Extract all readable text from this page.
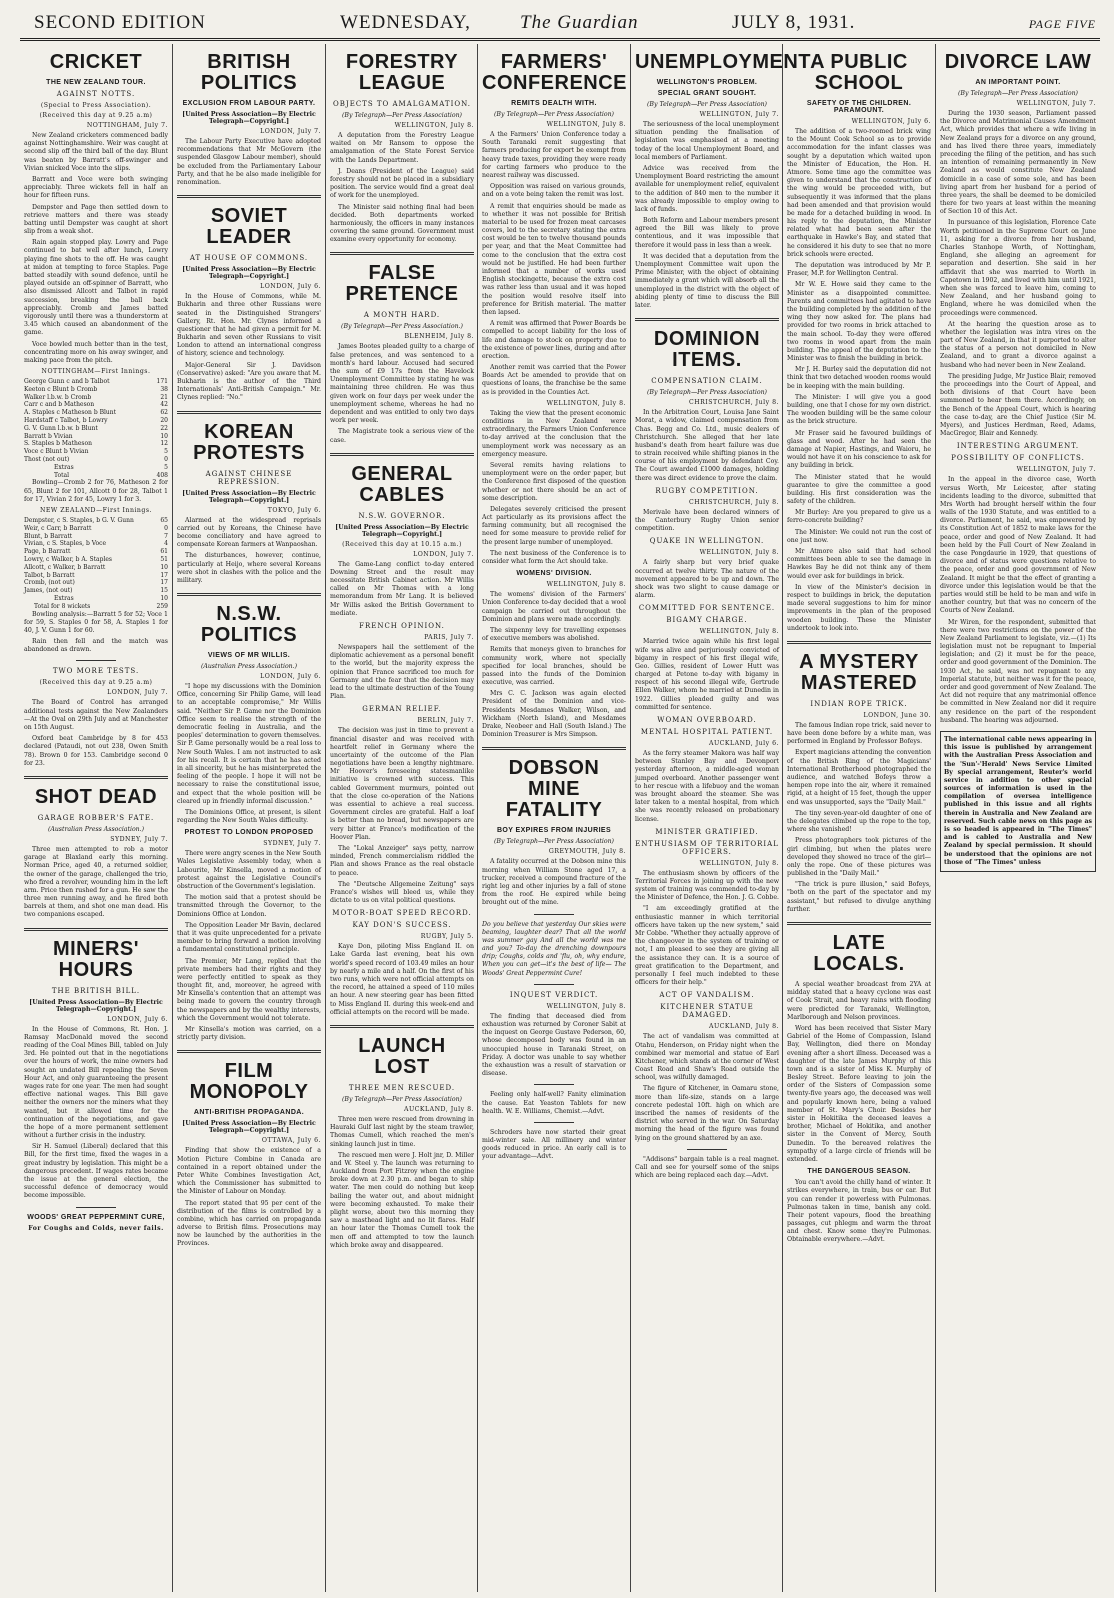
SECOND EDITION	WEDNESDAY,	The Guardian	JULY 8, 1931.	PAGE FIVE
CRICKET
THE NEW ZEALAND TOUR.
AGAINST NOTTS.
(Special to Press Association).
(Received this day at 9.25 a.m)
NOTTINGHAM, July 7.

New Zealand cricketers commenced badly against Nottinghamshire. Weir was caught at second slip off the third ball of the day. Blunt was beaten by Barratt's off-swinger and Vivian snicked Voce into the slips.

Barratt and Voce were both swinging appreciably. Three wickets fell in half an hour for fifteen runs.

Dempster and Page then settled down to retrieve matters and there was steady batting until Dempster was caught at short slip from a weak shot.

Rain again stopped play. Lowry and Page continued to bat well after lunch, Lowry playing fine shots to the off. He was caught at midon at tempting to force Staples. Page batted steadily with sound defence, until he played outside an off-spinner of Barratt, who also dismissed Allcott and Talbot in rapid succession, breaking the ball back appreciably. Cromb and James batted vigorously until there was a thunderstorm at 3.45 which caused an abandonment of the game.

Voce bowled much better than in the test, concentrating more on his away swinger, and making pace from the pitch.

NOTTINGHAM—First Innings.
George Gunn c and b Talbot	171
Keeton c Blunt b Cromb	38
Walker l.b.w. b Cromb	21
Carr c and b Matheson	42
A. Staples c Matheson b Blunt	62
Hardstaff c Talbot, b Lowry	20
G. V. Gunn l.b.w. b Blunt	22
Barratt b Vivian	10
S. Staples b Matheson	12
Voce c Blunt b Vivian	5
Thost (not out)	0
Extras	5
Total	408

Bowling—Cromb 2 for 76, Matheson 2 for 65, Blunt 2 for 101, Allcott 0 for 28, Talbot 1 for 17, Vivian 2 for 45, Lowry 1 for 3.

NEW ZEALAND—First Innings.
Dempster, c S. Staples, b G. V. Gunn	65
Weir, c Carr, b Barratt	0
Blunt, b Barratt	7
Vivian, c S. Staples, b Voce	4
Page, b Barratt	61
Lowry, c Walker, b A. Staples	51
Allcott, c Walker, b Barratt	10
Talbot, b Barratt	17
Cromb, (not out)	17
James, (not out)	15
Extras	10
Total for 8 wickets	259

Bowling analysis:—Barratt 5 for 52; Voce 1 for 59, S. Staples 0 for 58, A. Staples 1 for 40, J. V. Gunn 1 for 60.

Rain then fell and the match was abandoned as drawn.

TWO MORE TESTS.
(Received this day at 9.25 a.m)
LONDON, July 7.

The Board of Control has arranged additional tests against the New Zealanders—At the Oval on 29th July and at Manchester on 15th August.

Oxford beat Cambridge by 8 for 453 declared (Pataudi, not out 238, Owen Smith 78). Brown 0 for 153. Cambridge second 0 for 23.

SHOT DEAD
GARAGE ROBBER'S FATE.
(Australian Press Association.)
SYDNEY, July 7.

Three men attempted to rob a motor garage at Blaxland early this morning. Norman Price, aged 40, a returned soldier, the owner of the garage, challenged the trio, who fired a revolver, wounding him in the left arm. Price then rushed for a gun. He saw the three men running away, and he fired both barrels at them, and shot one man dead. His two companions escaped.

MINERS' HOURS
THE BRITISH BILL.
[United Press Association—By Electric Telegraph—Copyright.]
LONDON, July 6.

In the House of Commons, Rt. Hon. J. Ramsay MacDonald moved the second reading of the Coal Mines Bill, tabled on July 3rd. He pointed out that in the negotiations over the hours of work, the mine owners had sought an undated Bill repealing the Seven Hour Act, and only guaranteeing the present wages rate for one year. The men had sought effective national wages. This Bill gave neither the owners nor the miners what they wanted, but it allowed time for the continuation of the negotiations, and gave the hope of a more permanent settlement without a further crisis in the industry.

Sir H. Samuel (Liberal) declared that this Bill, for the first time, fixed the wages in a great industry by legislation. This might be a dangerous precedent. If wages rates became the issue at the general election, the successful defence of democracy would become impossible.

WOODS' GREAT PEPPERMINT CURE,
For Coughs and Colds, never fails.
BRITISH POLITICS
EXCLUSION FROM LABOUR PARTY.
[United Press Association—By Electric Telegraph—Copyright.]
LONDON, July 7.

The Labour Party Executive have adopted recommendations that Mr McGovern (the suspended Glasgow Labour member), should be excluded from the Parliamentary Labour Party, and that he be also made ineligible for renomination.

SOVIET LEADER
AT HOUSE OF COMMONS.
[United Press Association—By Electric Telegraph—Copyright.]
LONDON, July 6.

In the House of Commons, while M. Bukharin and three other Russians were seated in the Distinguished Strangers' Gallery, Rt. Hon. Mr. Clynes informed a questioner that he had given a permit for M. Bukharin and seven other Russians to visit London to attend an international congress of history, science and technology.

Major-General Sir J. Davidson (Conservative) asked: "Are you aware that M. Bukharin is the author of the Third Internationals' Anti-British Campaign." Mr. Clynes replied: "No."

KOREAN PROTESTS
AGAINST CHINESE REPRESSION.
[United Press Association—By Electric Telegraph—Copyright.]
TOKYO, July 6.

Alarmed at the widespread reprisals carried out by Koreans, the Chinese have become conciliatory and have agreed to compensate Korean farmers at Wanpaoshan.

The disturbances, however, continue, particularly at Heijo, where several Koreans were shot in clashes with the police and the military.

N.S.W. POLITICS
VIEWS OF MR WILLIS.
(Australian Press Association.)
LONDON, July 6.

"I hope my discussions with the Dominion Office, concerning Sir Philip Game, will lead to an acceptable compromise," Mr Willis said. "Neither Sir P. Game nor the Dominion Office seem to realise the strength of the democratic feeling in Australia, and the peoples' determination to govern themselves. Sir P. Game personally would be a real loss to New South Wales. I am not instructed to ask for his recall. It is certain that he has acted in all sincerity, but he has misinterpreted the feeling of the people. I hope it will not be necessary to raise the constitutional issue, and expect that the whole position will be cleared up in friendly informal discussion."

The Dominions Office, at present, is silent regarding the New South Wales difficulty.

PROTEST TO LONDON PROPOSED
SYDNEY, July 7.

There were angry scenes in the New South Wales Legislative Assembly today, when a Labourite, Mr Kinsella, moved a motion of protest against the Legislative Council's obstruction of the Government's legislation.

The motion said that a protest should be transmitted through the Governor, to the Dominions Office at London.

The Opposition Leader Mr Bavin, declared that it was quite unprecedented for a private member to bring forward a motion involving a fundamental constitutional principle.

The Premier, Mr Lang, replied that the private members had their rights and they were perfectly entitled to speak as they thought fit, and, moreover, he agreed with Mr Kinsella's contention that an attempt was being made to govern the country through the newspapers and by the wealthy interests, which the Government would not tolerate.

Mr Kinsella's motion was carried, on a strictly party division.

FILM MONOPOLY
ANTI-BRITISH PROPAGANDA.
[United Press Association—By Electric Telegraph—Copyright.]
OTTAWA, July 6.

Finding that show the existence of a Motion Picture Combine in Canada are contained in a report obtained under the Peter White Combines Investigation Act, which the Commissioner has submitted to the Minister of Labour on Monday.

The report stated that 95 per cent of the distribution of the films is controlled by a combine, which has carried on propaganda adverse to British films. Prosecutions may now be launched by the authorities in the Provinces.

FORESTRY LEAGUE
OBJECTS TO AMALGAMATION.
(By Telegraph—Per Press Association)
WELLINGTON, July 8.

A deputation from the Forestry League waited on Mr Ransom to oppose the amalgamation of the State Forest Service with the Lands Department.

J. Deans (President of the League) said forestry should not be placed in a subsidiary position. The service would find a great deal of work for the unemployed.

The Minister said nothing final had been decided. Both departments worked harmoniously, the officers in many instances covering the same ground. Government must examine every opportunity for economy.

FALSE PRETENCE
A MONTH HARD.
(By Telegraph—Per Press Association.)
BLENHEIM, July 8.

James Bootes pleaded guilty to a charge of false pretences, and was sentenced to a month's hard labour. Accused had secured the sum of £9 17s from the Havelock Unemployment Committee by stating he was maintaining three children. He was thus given work on four days per week under the unemployment scheme, whereas he had no dependent and was entitled to only two days work per week.

The Magistrate took a serious view of the case.

GENERAL CABLES
N.S.W. GOVERNOR.
[United Press Association—By Electric Telegraph—Copyright.]
(Received this day at 10.15 a.m.)
LONDON, July 7.

The Game-Lang conflict to-day entered Downing Street and the result may necessitate British Cabinet action. Mr Willis called on Mr Thomas with a long memorandum from Mr Lang. It is believed Mr Willis asked the British Government to mediate.

FRENCH OPINION.
PARIS, July 7.

Newspapers hail the settlement of the diplomatic achievement as a personal benefit to the world, but the majority express the opinion that France sacrificed too much for Germany and the fear that the decision may lead to the ultimate destruction of the Young Plan.

GERMAN RELIEF.
BERLIN, July 7.

The decision was just in time to prevent a financial disaster and was received with heartfelt relief in Germany where the uncertainty of the outcome of the Plan negotiations have been a lengthy nightmare. Mr Hoover's foreseeing statesmanlike initiative is crowned with success. This cabled Government murmurs, pointed out that the close co-operation of the Nations was essential to achieve a real success. Government circles are grateful. Half a loaf is better than no bread, but newspapers are very bitter at France's modification of the Hoover Plan.

The "Lokal Anzeiger" says petty, narrow minded, French commercialism riddled the Plan and shows France as the real obstacle to peace.

The "Deutsche Allgemeine Zeitung" says France's wishes will bleed us, while they dictate to us on vital political questions.

MOTOR-BOAT SPEED RECORD.
KAY DON'S SUCCESS.
RUGBY, July 5.

Kaye Don, piloting Miss England II. on Lake Garda last evening, beat his own world's speed record of 103.49 miles an hour by nearly a mile and a half. On the first of his two runs, which were not official attempts on the record, he attained a speed of 110 miles an hour. A new steering gear has been fitted to Miss England II. during this week-end and official attempts on the record will be made.

LAUNCH LOST
THREE MEN RESCUED.
(By Telegraph—Per Press Association)
AUCKLAND, July 8.

Three men were rescued from drowning in Hauraki Gulf last night by the steam trawler, Thomas Cumell, which reached the men's sinking launch just in time.

The rescued men were J. Holt jnr, D. Miller and W. Steel y. The launch was returning to Auckland from Port Fitzroy when the engine broke down at 2.30 p.m. and began to ship water. The men could do nothing but keep bailing the water out, and about midnight were becoming exhausted. To make their plight worse, about two this morning they saw a masthead light and no lit flares. Half an hour later the Thomas Cumell took the men off and attempted to tow the launch which broke away and disappeared.

FARMERS' CONFERENCE
REMITS DEALTH WITH.
(By Telegraph—Per Press Association)
WELLINGTON, July 8.

A the Farmers' Union Conference today a South Taranaki remit suggesting that farmers producing for export be exempt from heavy trade taxes, providing they were ready for carting farmers who produce to the nearest railway was discussed.

Opposition was raised on various grounds, and on a vote being taken the remit was lost.

A remit that enquiries should be made as to whether it was not possible for British material to be used for frozen meat carcases covers, led to the secretary stating the extra cost would be ten to twelve thousand pounds per year, and that the Meat Committee had come to the conclusion that the extra cost would not be justified. He had been further informed that a number of works used English stockingette, because the extra cost was rather less than usual and it was hoped the position would resolve itself into preference for British material. The matter then lapsed.

A remit was affirmed that Power Boards be compelled to accept liability for the loss of life and damage to stock on property due to the existence of power lines, during and after erection.

Another remit was carried that the Power Boards Act be amended to provide that on questions of loans, the franchise be the same as is provided in the Counties Act.

WELLINGTON, July 8.

Taking the view that the present economic conditions in New Zealand were extraordinary, the Farmers Union Conference to-day arrived at the conclusion that the unemployment work was necessary as an emergency measure.

Several remits having relations to unemployment were on the order paper, but the Conference first disposed of the question whether or not there should be an act of some description.

Delegates severely criticised the present Act particularly as its provisions affect the farming community, but all recognised the need for some measure to provide relief for the present large number of unemployed.

The next business of the Conference is to consider what form the Act should take.

WOMENS' DIVISION.
WELLINGTON, July 8.

The womens' division of the Farmers' Union Conference to-day decided that a wool campaign be carried out throughout the Dominion and plans were made accordingly.

The sixpenny levy for travelling expenses of executive members was abolished.

Remits that moneys given to branches for community work, where not specially specified for local branches, should be passed into the funds of the Dominion executive, was carried.

Mrs C. C. Jackson was again elected President of the Dominion and vice-Presidents Mesdames Walker, Wilson, and Wickham (North Island), and Mesdames Drake, Neobeer and Hall (South Island.) The Dominion Treasurer is Mrs Simpson.

DOBSON MINE FATALITY
BOY EXPIRES FROM INJURIES
(By Telegraph—Per Press Association)
GREYMOUTH, July 8.

A fatality occurred at the Dobson mine this morning when William Stone aged 17, a trucker, received a compound fracture of the right leg and other injuries by a fall of stone from the roof. He expired while being brought out of the mine.

Do you believe that yesterday Our skies were beaming, laughter dear? That all the world was summer gay And all the world was me and you? To-day the drenching downpours drip; Coughs, colds and 'flu, oh, why endure, When you can get—it's the best of life— The Woods' Great Peppermint Cure!

INQUEST VERDICT.
WELLINGTON, July 8.

The finding that deceased died from exhaustion was returned by Coroner Sabit at the inquest on George Gustave Pederson, 60, whose decomposed body was found in an unoccupied house in Taranaki Street, on Friday. A doctor was unable to say whether the exhaustion was a result of starvation or disease.

Feeling only half-well? Fanity elimination the cause. Eat Yeaston Tablets for new health. W. E. Williams, Chemist.—Advt.

Schroders have now started their great mid-winter sale. All millinery and winter goods reduced in price. An early call is to your advantage—Advt.

UNEMPLOYMENT
WELLINGTON'S PROBLEM.
SPECIAL GRANT SOUGHT.
(By Telegraph—Per Press Association)
WELLINGTON, July 7.

The seriousness of the local unemployment situation pending the finalisation of legislation was emphasised at a meeting today of the local Unemployment Board, and local members of Parliament.

Advice was received from the Unemployment Board restricting the amount available for unemployment relief, equivalent to the addition of 840 men to the number it was already impossible to employ owing to lack of funds.

Both Reform and Labour members present agreed the Bill was likely to prove contentious, and it was impossible that therefore it would pass in less than a week.

It was decided that a deputation from the Unemployment Committee wait upon the Prime Minister, with the object of obtaining immediately a grant which will absorb all the unemployed in the district with the object of abiding plenty of time to discuss the Bill later.

DOMINION ITEMS.
COMPENSATION CLAIM.
(By Telegraph—Per Press Association)
CHRISTCHURCH, July 8.

In the Arbitration Court, Louisa Jane Saint Morat, a widow, claimed compensation from Chas. Begg and Co. Ltd., music dealers of Christchurch. She alleged that her late husband's death from heart failure was due to strain received while shifting pianos in the course of his employment by defendant Coy. The Court awarded £1000 damages, holding there was direct evidence to prove the claim.

RUGBY COMPETITION.
CHRISTCHURCH, July 8.

Merivale have been declared winners of the Canterbury Rugby Union senior competition.

QUAKE IN WELLINGTON.
WELLINGTON, July 8.

A fairly sharp but very brief quake occurred at twelve thirty. The nature of the movement appeared to be up and down. The shock was two slight to cause damage or alarm.

COMMITTED FOR SENTENCE.
BIGAMY CHARGE.
WELLINGTON, July 8.

Married twice again while his first legal wife was alive and perjuriously convicted of bigamy in respect of his first illegal wife, Geo. Gillies, resident of Lower Hutt was charged at Petone to-day with bigamy in respect of his second illegal wife, Gertrude Ellen Walker, whom he married at Dunedin in 1922. Gillies pleaded guilty and was committed for sentence.

WOMAN OVERBOARD.
MENTAL HOSPITAL PATIENT.
AUCKLAND, July 6.

As the ferry steamer Makora was half way between Stanley Bay and Devonport yesterday afternoon, a middle-aged woman jumped overboard. Another passenger went to her rescue with a lifebuoy and the woman was brought aboard the steamer. She was later taken to a mental hospital, from which she was recently released on probationary license.

MINISTER GRATIFIED.
ENTHUSIASM OF TERRITORIAL OFFICERS.
WELLINGTON, July 8.

The enthusiasm shown by officers of the Territorial Forces in joining up with the new system of training was commended to-day by the Minister of Defence, the Hon. J. G. Cobbe.

"I am exceedingly gratified at the enthusiastic manner in which territorial officers have taken up the new system," said Mr Cobbe. "Whether they actually approve of the changeover in the system of training or not, I am pleased to see they are giving all the assistance they can. It is a source of great gratification to the Department, and personally I feel much indebted to these officers for their help."

ACT OF VANDALISM.
KITCHENER STATUE DAMAGED.
AUCKLAND, July 8.

The act of vandalism was committed at Otahu, Henderson, on Friday night when the combined war memorial and statue of Earl Kitchener, which stands at the corner of West Coast Road and Shaw's Road outside the school, was wilfully damaged.

The figure of Kitchener, in Oamaru stone, more than life-size, stands on a large concrete pedestal 10ft. high on which are inscribed the names of residents of the district who served in the war. On Saturday morning the head of the figure was found lying on the ground shattered by an axe.

"Addisons" bargain table is a real magnet. Call and see for yourself some of the snips which are being replaced each day.—Advt.

A PUBLIC SCHOOL
SAFETY OF THE CHILDREN. PARAMOUNT.
WELLINGTON, July 6.

The addition of a two-roomed brick wing to the Mount Cook School so as to provide accommodation for the infant classes was sought by a deputation which waited upon the Minister of Education, the Hon. H. Atmore. Some time ago the committee was given to understand that the construction of the wing would be proceeded with, but subsequently it was informed that the plans had been amended and that provision would be made for a detached building in wood. In his reply to the deputation, the Minister related what had been seen after the earthquake in Hawke's Bay, and stated that he considered it his duty to see that no more brick schools were erected.

The deputation was introduced by Mr P. Fraser, M.P. for Wellington Central.

Mr W. E. Howe said they came to the Minister as a disappointed committee. Parents and committees had agitated to have the building completed by the addition of the wing they now asked for. The plans had provided for two rooms in brick attached to the main school. To-day they were offered two rooms in wood apart from the main building. The appeal of the deputation to the Minister was to finish the building in brick.

Mr J. H. Burley said the deputation did not think that two detached wooden rooms would be in keeping with the main building.

The Minister: I will give you a good building, one that I chose for my own district. The wooden building will be the same colour as the brick structure.

Mr Fraser said he favoured buildings of glass and wood. After he had seen the damage at Napier, Hastings, and Waioru, he would not have it on his conscience to ask for any building in brick.

The Minister stated that he would guarantee to give the committee a good building. His first consideration was the safety of the children.

Mr Burley: Are you prepared to give us a ferro-concrete building?

The Minister: We could not run the cost of one just now.

Mr Atmore also said that had school committees been able to see the damage in Hawkes Bay he did not think any of them would ever ask for buildings in brick.

In view of the Minister's decision in respect to buildings in brick, the deputation made several suggestions to him for minor improvements in the plan of the proposed wooden building. These the Minister undertook to look into.

A MYSTERY MASTERED
INDIAN ROPE TRICK.
LONDON, June 30.

The famous Indian rope trick, said never to have been done before by a white man, was performed in England by Professor Bofeys.

Expert magicians attending the convention of the British Ring of the Magicians' International Brotherhood photographed the audience, and watched Bofeys throw a hempen rope into the air, where it remained rigid, at a height of 15 feet, though the upper end was unsupported, says the "Daily Mail."

The tiny seven-year-old daughter of one of the delegates climbed up the rope to the top, where she vanished!

Press photographers took pictures of the girl climbing, but when the plates were developed they showed no trace of the girl—only the rope. One of these pictures was published in the "Daily Mail."

"The trick is pure illusion," said Bofeys, "both on the part of the spectator and my assistant," but refused to divulge anything further.

LATE LOCALS.

A special weather broadcast from 2YA at midday stated that a heavy cyclone was east of Cook Strait, and heavy rains with flooding were predicted for Taranaki, Wellington, Marlborough and Nelson provinces.

Word has been received that Sister Mary Gabriel of the Home of Compassion, Island Bay, Wellington, died there on Monday evening after a short illness. Deceased was a daughter of the late James Murphy of this town and is a sister of Miss K. Murphy of Besley Street. Before leaving to join the order of the Sisters of Compassion some twenty-five years ago, the deceased was well and popularly known here, being a valued member of St. Mary's Choir. Besides her sister in Hokitika the deceased leaves a brother, Michael of Hokitika, and another sister in the Convent of Mercy, South Dunedin. To the bereaved relatives the sympathy of a large circle of friends will be extended.

THE DANGEROUS SEASON.

You can't avoid the chilly hand of winter. It strikes everywhere, in train, bus or car. But you can render it powerless with Pulmonas. Pulmonas taken in time, banish any cold. Their potent vapours, flood the breathing passages, cut phlegm and warm the throat and chest. Know some they're Pulmonas. Obtainable everywhere.—Advt.

DIVORCE LAW
AN IMPORTANT POINT.
(By Telegraph—Per Press Association)
WELLINGTON, July 7.

During the 1930 season, Parliament passed the Divorce and Matrimonial Causes Amendment Act, which provides that where a wife living in New Zealand prays for a divorce on any ground, and has lived there three years, immediately preceding the filing of the petition, and has such an intention of remaining permanently in New Zealand as would constitute New Zealand domicile in a case of some sole, and has been living apart from her husband for a period of three years, the shall be deemed to be domiciled there for two years at least within the meaning of Section 10 of this Act.

In pursuance of this legislation, Florence Cate Worth petitioned in the Supreme Court on June 11, asking for a divorce from her husband, Charles Stanhope Worth, of Nottingham, England, she alleging an agreement for separation and desertion. She said in her affidavit that she was married to Worth in Capetown in 1902, and lived with him until 1921, when she was forced to leave him, coming to New Zealand, and her husband going to England, where he was domiciled when the proceedings were commenced.

At the hearing the question arose as to whether the legislation was intra vires on the part of New Zealand, in that it purported to alter the status of a person not domiciled in New Zealand, and to grant a divorce against a husband who had never been in New Zealand.

The presiding Judge, Mr Justice Blair, removed the proceedings into the Court of Appeal, and both divisions of that Court have been summoned to hear them there. Accordingly, on the Bench of the Appeal Court, which is hearing the case to-day, are the Chief Justice (Sir M. Myers), and Justices Herdman, Reed, Adams, MacGregor, Blair and Kennedy.

INTERESTING ARGUMENT.
POSSIBILITY OF CONFLICTS.
WELLINGTON, July 7.

In the appeal in the divorce case, Worth versus Worth, Mr Leicester, after stating incidents leading to the divorce, submitted that Mrs Worth had brought herself within the four walls of the 1930 Statute, and was entitled to a divorce. Parliament, he said, was empowered by its Constitution Act of 1852 to make laws for the peace, order and good of New Zealand. It had been held by the Full Court of New Zealand in the case Pongdaurie in 1929, that questions of divorce and of status were questions relative to the peace, order and good government of New Zealand. It might be that the effect of granting a divorce under this legislation would be that the parties would still be held to be man and wife in another country, but that was no concern of the Courts of New Zealand.

Mr Wiren, for the respondent, submitted that there were two restrictions on the power of the New Zealand Parliament to legislate, viz.—(1) Its legislation must not be repugnant to Imperial legislation; and (2) it must be for the peace, order and good government of the Dominion. The 1930 Act, he said, was not repugnant to any Imperial statute, but neither was it for the peace, order and good government of New Zealand. The Act did not require that any matrimonial offence be committed in New Zealand nor did it require any residence on the part of the respondent husband. The hearing was adjourned.

The international cable news appearing in this issue is published by arrangement with the Australian Press Association and the 'Sun'-'Herald' News Service Limited By special arrangement, Reuter's world service in addition to other special sources of information is used in the compilation of oversea intelligence published in this issue and all rights therein in Australia and New Zealand are reserved. Such cable news on this page as is so headed is appeared in "The Times" and is cabled to Australia and New Zealand by special permission. It should be understood that the opinions are not those of "The Times" unless
